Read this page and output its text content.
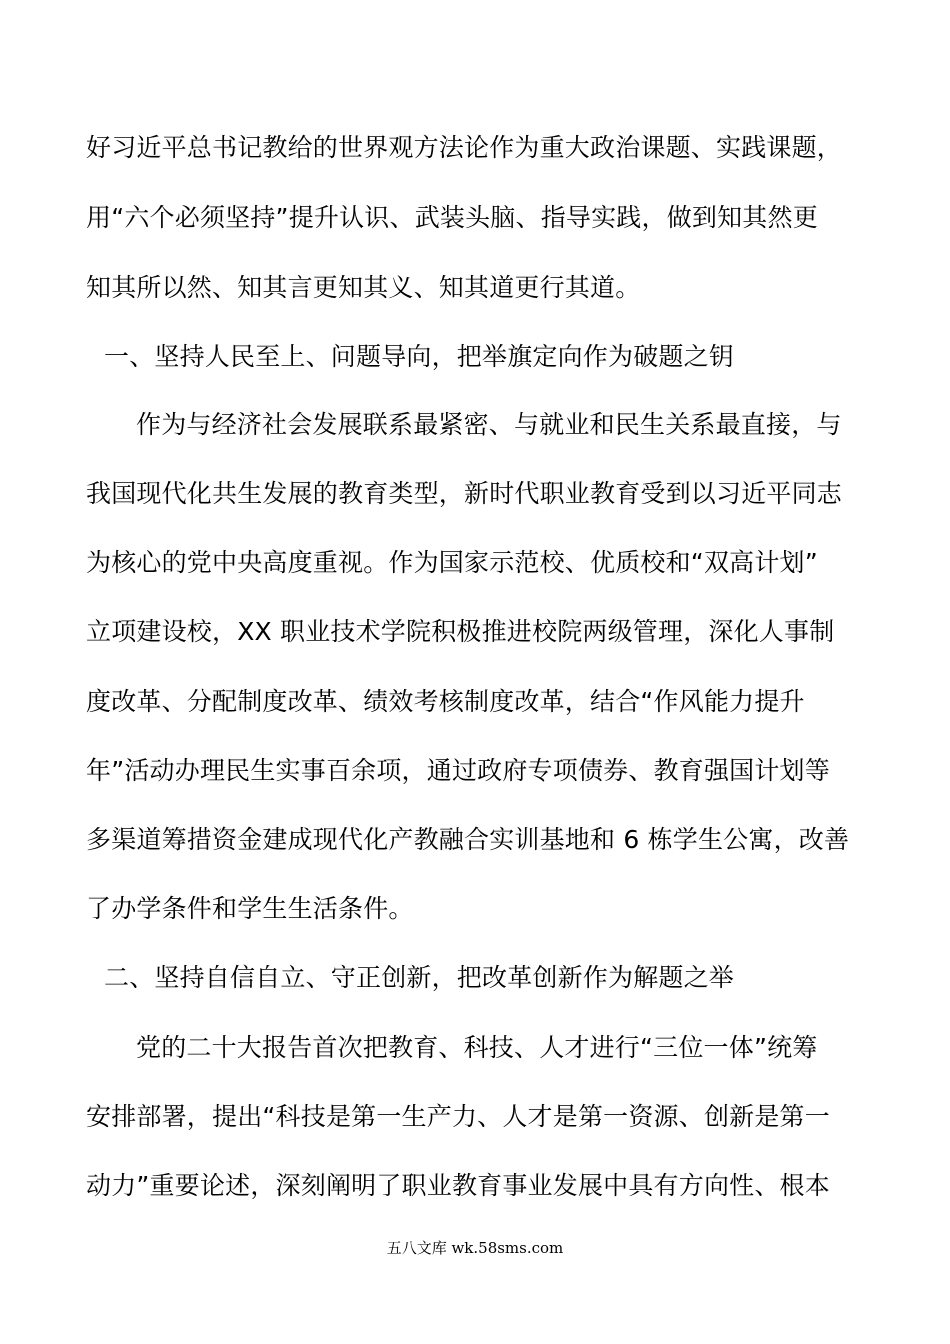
好习近平总书记教给的世界观方法论作为重大政治课题、实践课题，
用“六个必须坚持”提升认识、武装头脑、指导实践，做到知其然更
知其所以然、知其言更知其义、知其道更行其道。
一、坚持人民至上、问题导向，把举旗定向作为破题之钥
作为与经济社会发展联系最紧密、与就业和民生关系最直接，与
我国现代化共生发展的教育类型，新时代职业教育受到以习近平同志
为核心的党中央高度重视。作为国家示范校、优质校和“双高计划”
立项建设校，XX 职业技术学院积极推进校院两级管理，深化人事制
度改革、分配制度改革、绩效考核制度改革，结合“作风能力提升
年”活动办理民生实事百余项，通过政府专项债券、教育强国计划等
多渠道筹措资金建成现代化产教融合实训基地和 6 栋学生公寓，改善
了办学条件和学生生活条件。
二、坚持自信自立、守正创新，把改革创新作为解题之举
党的二十大报告首次把教育、科技、人才进行“三位一体”统筹
安排部署，提出“科技是第一生产力、人才是第一资源、创新是第一
动力”重要论述，深刻阐明了职业教育事业发展中具有方向性、根本
五八文库 wk.58sms.com
